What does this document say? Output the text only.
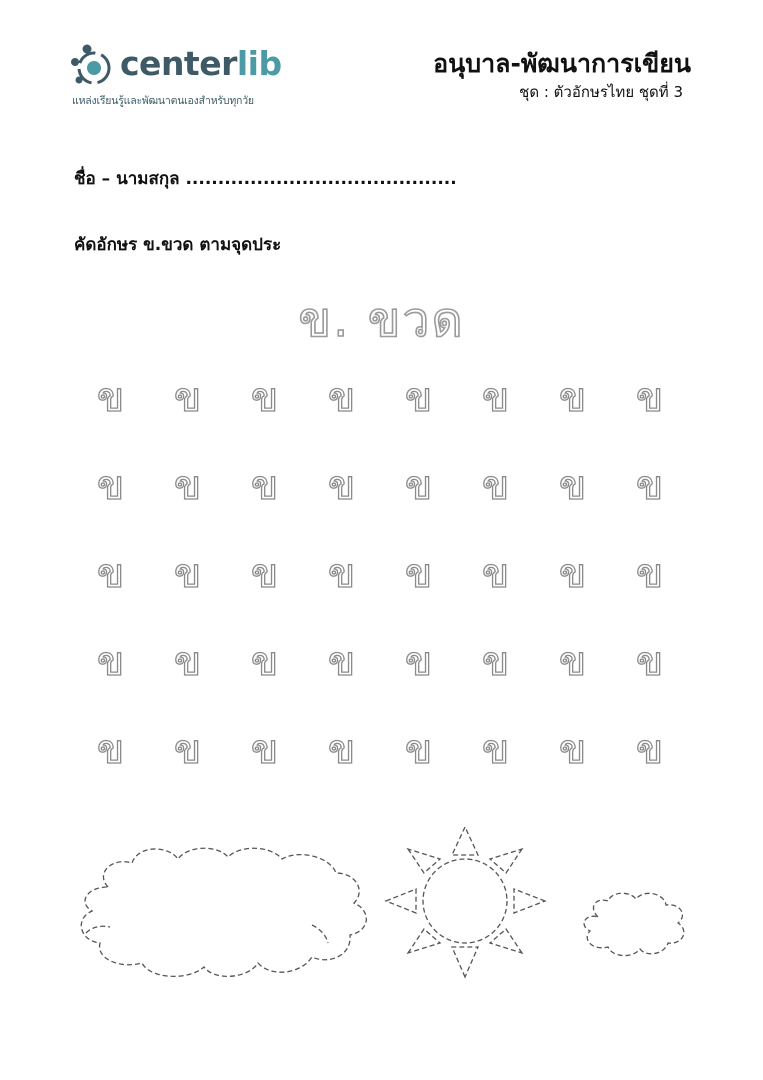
centerlib
แหล่งเรียนรู้และพัฒนาตนเองสำหรับทุกวัย
อนุบาล-พัฒนาการเขียน
ชุด : ตัวอักษรไทย ชุดที่ 3
ชื่อ – นามสกุล ..........................................
คัดอักษร ข.ขวด ตามจุดประ
ข. ขวด
ข	ข	ข	ข	ข	ข	ข	ข
ข	ข	ข	ข	ข	ข	ข	ข
ข	ข	ข	ข	ข	ข	ข	ข
ข	ข	ข	ข	ข	ข	ข	ข
ข	ข	ข	ข	ข	ข	ข	ข
